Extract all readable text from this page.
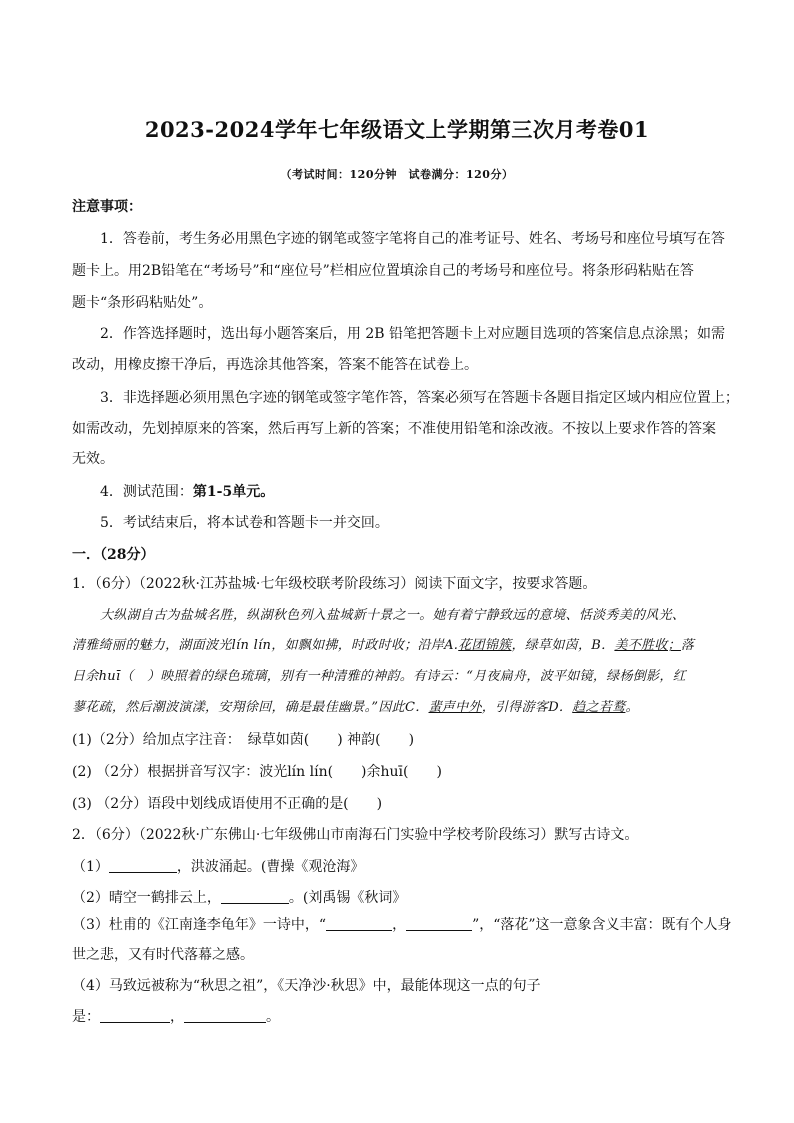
2023-2024学年七年级语文上学期第三次月考卷01
（考试时间：120分钟　试卷满分：120分）
注意事项：
1．答卷前，考生务必用黑色字迹的钢笔或签字笔将自己的准考证号、姓名、考场号和座位号填写在答
题卡上。用2B铅笔在“考场号”和“座位号”栏相应位置填涂自己的考场号和座位号。将条形码粘贴在答
题卡“条形码粘贴处”。
2．作答选择题时，选出每小题答案后，用 2B 铅笔把答题卡上对应题目选项的答案信息点涂黑；如需
改动，用橡皮擦干净后，再选涂其他答案，答案不能答在试卷上。
3．非选择题必须用黑色字迹的钢笔或签字笔作答，答案必须写在答题卡各题目指定区域内相应位置上；
如需改动，先划掉原来的答案，然后再写上新的答案；不准使用铅笔和涂改液。不按以上要求作答的答案
无效。
4．测试范围：第1-5单元。
5．考试结束后，将本试卷和答题卡一并交回。
一．（28分）
1．（6分）（2022秋·江苏盐城·七年级校联考阶段练习）阅读下面文字，按要求答题。
大纵湖自古为盐城名胜，纵湖秋色列入盐城新十景之一。她有着宁静致远的意境、恬淡秀美的风光、
清雅绮丽的魅力，湖面波光lín lín，如飘如拂，时政时收；沿岸A.花团锦簇，绿草如茵，B．美不胜收；落
日余huī（　）映照着的绿色琉璃，别有一种清雅的神韵。有诗云：“月夜扁舟，波平如镜，绿杨倒影，红
蓼花疏，然后潮波演漾，安翔徐回，确是最佳幽景。”因此C．蜚声中外，引得游客D．趋之若鹜。
(1)（2分）给加点字注音：　绿草如茵(　　) 神韵(　　)
(2) （2分）根据拼音写汉字：波光lín lín(　　)余huī(　　)
(3) （2分）语段中划线成语使用不正确的是(　　)
2．（6分）（2022秋·广东佛山·七年级佛山市南海石门实验中学校考阶段练习）默写古诗文。
（1）	，洪波涌起。(曹操《观沧海》
（2）晴空一鹤排云上，	。(刘禹锡《秋词》
（3）杜甫的《江南逢李龟年》一诗中，“	，	”，“落花”这一意象含义丰富：既有个人身
世之悲，又有时代落幕之感。
（4）马致远被称为“秋思之祖”，《天净沙·秋思》中，最能体现这一点的句子
是：	，	。
